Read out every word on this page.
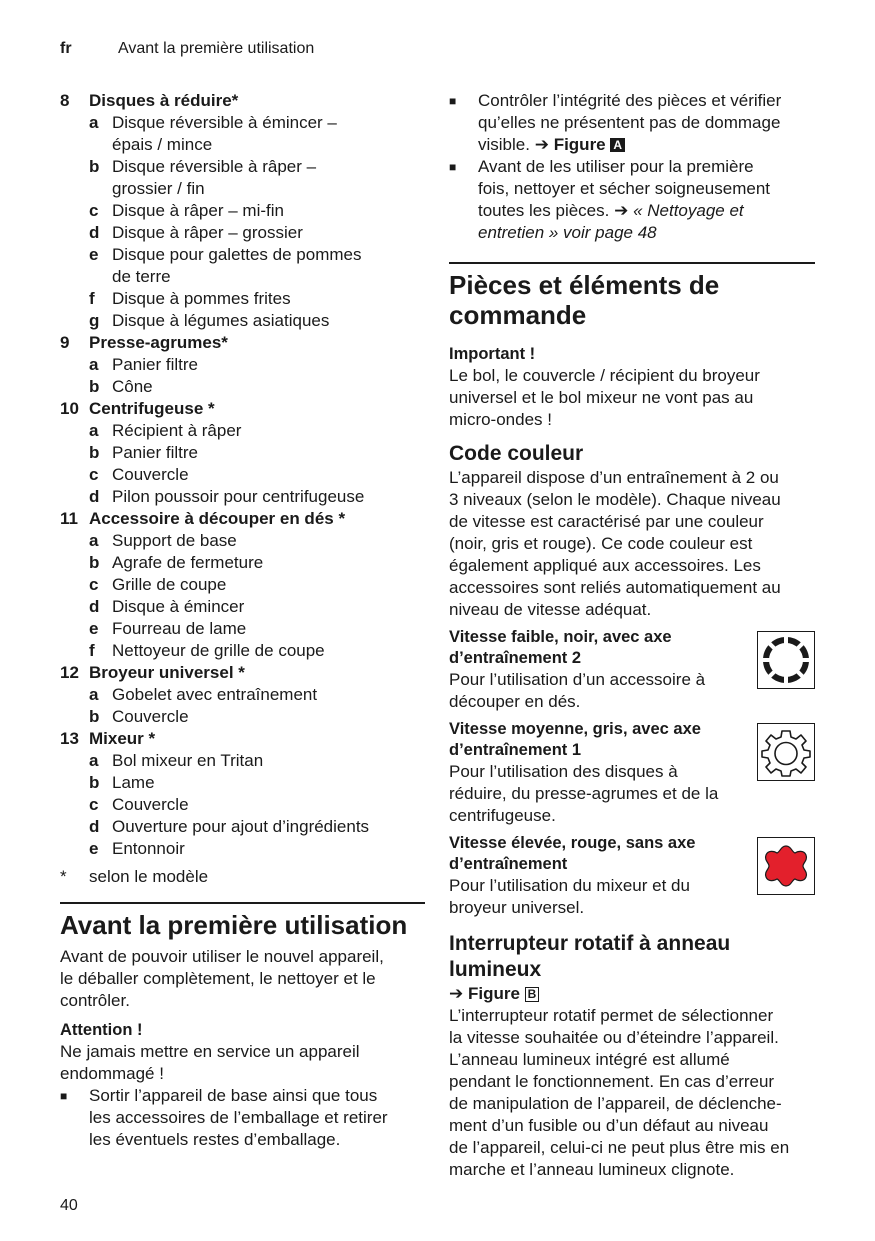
fr	Avant la première utilisation
8	Disques à réduire*
a Disque réversible à émincer –
épais / mince
b Disque réversible à râper –
grossier / fin
c Disque à râper – mi-fin
d Disque à râper – grossier
e Disque pour galettes de pommes
de terre
f	Disque à pommes frites
g Disque à légumes asiatiques
9	Presse-agrumes*
a Panier filtre
b Cône
10 Centrifugeuse *
a Récipient à râper
b Panier filtre
c Couvercle
d Pilon poussoir pour centrifugeuse
11 Accessoire à découper en dés *
a Support de base
b Agrafe de fermeture
c Grille de coupe
d Disque à émincer
e Fourreau de lame
f	Nettoyeur de grille de coupe
12 Broyeur universel *
a Gobelet avec entraînement
b Couvercle
13 Mixeur *
a Bol mixeur en Tritan
b Lame
c Couvercle
d Ouverture pour ajout d’ingrédients
e Entonnoir
*	selon le modèle
Avant la première utilisation
Avant de pouvoir utiliser le nouvel appareil,
le déballer complètement, le nettoyer et le
contrôler.
Attention !
Ne jamais mettre en service un appareil
endommagé !
■	Sortir l’appareil de base ainsi que tous
les accessoires de l’emballage et retirer
les éventuels restes d’emballage.
■	Contrôler l’intégrité des pièces et vérifier
qu’elles ne présentent pas de dommage
visible. ➔ Figure A
■	Avant de les utiliser pour la première
fois, nettoyer et sécher soigneusement
toutes les pièces. ➔ « Nettoyage et
entretien » voir page 48
Pièces et éléments de
commande
Important !
Le bol, le couvercle / récipient du broyeur
universel et le bol mixeur ne vont pas au
micro-ondes !
Code couleur
L’appareil dispose d’un entraînement à 2 ou
3 niveaux (selon le modèle). Chaque niveau
de vitesse est caractérisé par une couleur
(noir, gris et rouge). Ce code couleur est
également appliqué aux accessoires. Les
accessoires sont reliés automatiquement au
niveau de vitesse adéquat.
Vitesse faible, noir, avec axe
d’entraînement 2
Pour l’utilisation d’un accessoire à
découper en dés.
Vitesse moyenne, gris, avec axe
d’entraînement 1
Pour l’utilisation des disques à
réduire, du presse-agrumes et de la
centrifugeuse.
Vitesse élevée, rouge, sans axe
d’entraînement
Pour l’utilisation du mixeur et du
broyeur universel.
Interrupteur rotatif à anneau
lumineux
➔ Figure B
L’interrupteur rotatif permet de sélectionner
la vitesse souhaitée ou d’éteindre l’appareil.
L’anneau lumineux intégré est allumé
pendant le fonctionnement. En cas d’erreur
de manipulation de l’appareil, de déclenche-
ment d’un fusible ou d’un défaut au niveau
de l’appareil, celui-ci ne peut plus être mis en
marche et l’anneau lumineux clignote.
40
